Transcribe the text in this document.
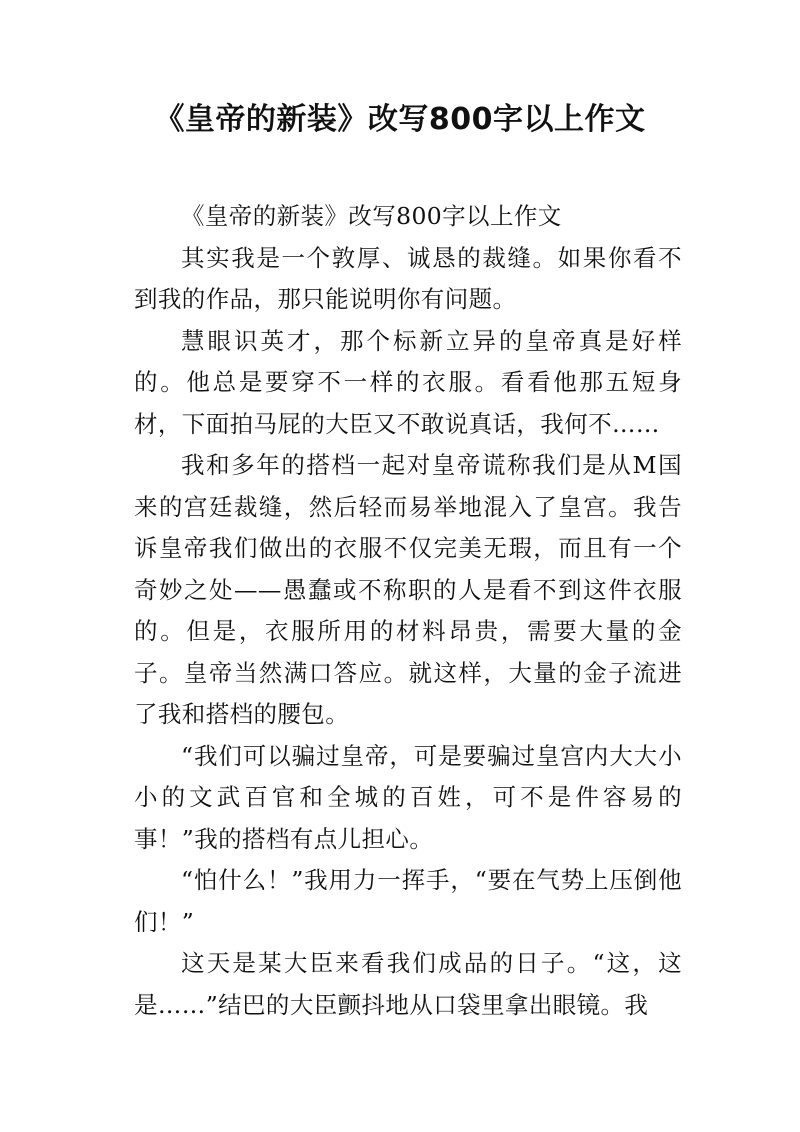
《皇帝的新装》改写800字以上作文

《皇帝的新装》改写800字以上作文

其实我是一个敦厚、诚恳的裁缝。如果你看不到我的作品，那只能说明你有问题。

慧眼识英才，那个标新立异的皇帝真是好样的。他总是要穿不一样的衣服。看看他那五短身材，下面拍马屁的大臣又不敢说真话，我何不……

我和多年的搭档一起对皇帝谎称我们是从M国来的宫廷裁缝，然后轻而易举地混入了皇宫。我告诉皇帝我们做出的衣服不仅完美无瑕，而且有一个奇妙之处——愚蠢或不称职的人是看不到这件衣服的。但是，衣服所用的材料昂贵，需要大量的金子。皇帝当然满口答应。就这样，大量的金子流进了我和搭档的腰包。

“我们可以骗过皇帝，可是要骗过皇宫内大大小小的文武百官和全城的百姓，可不是件容易的事！”我的搭档有点儿担心。

“怕什么！”我用力一挥手，“要在气势上压倒他们！”

这天是某大臣来看我们成品的日子。“这，这是……”结巴的大臣颤抖地从口袋里拿出眼镜。我
